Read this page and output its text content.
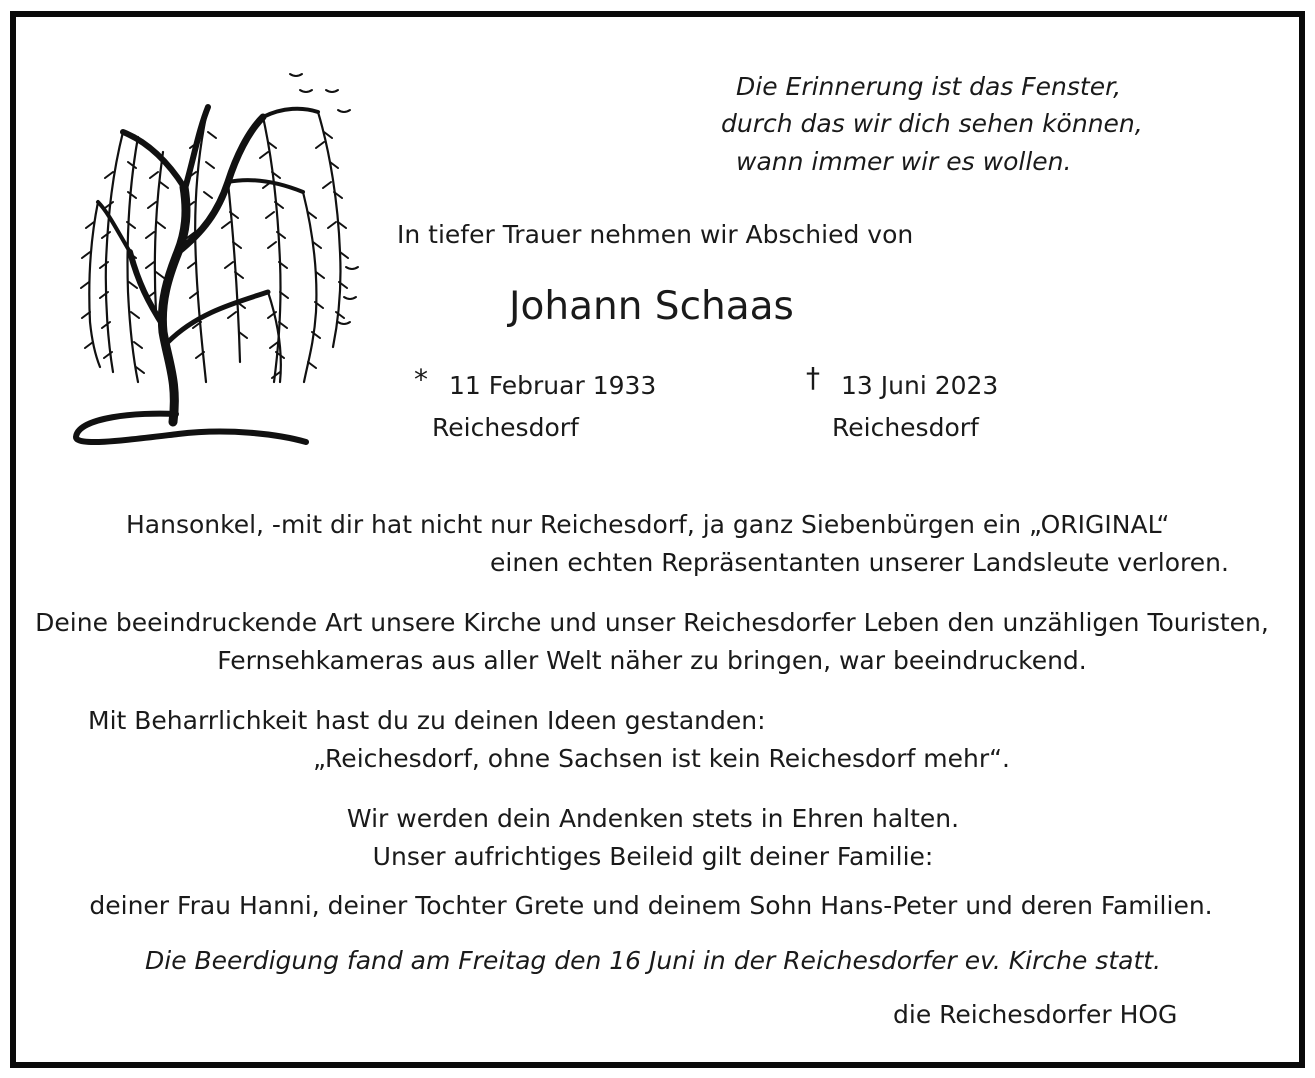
Die Erinnerung ist das Fenster,
durch das wir dich sehen können,
wann immer wir es wollen.
In tiefer Trauer nehmen wir Abschied von
Johann Schaas
* 11 Februar 1933
Reichesdorf
† 13 Juni 2023
Reichesdorf
Hansonkel, -mit dir hat nicht nur Reichesdorf, ja ganz Siebenbürgen ein „ORIGINAL“
einen echten Repräsentanten unserer Landsleute verloren.
Deine beeindruckende Art unsere Kirche und unser Reichesdorfer Leben den unzähligen Touristen,
Fernsehkameras aus aller Welt näher zu bringen, war beeindruckend.
Mit Beharrlichkeit hast du zu deinen Ideen gestanden:
„Reichesdorf, ohne Sachsen ist kein Reichesdorf mehr“.
Wir werden dein Andenken stets in Ehren halten.
Unser aufrichtiges Beileid gilt deiner Familie:
deiner Frau Hanni, deiner Tochter Grete und deinem Sohn Hans-Peter und deren Familien.
Die Beerdigung fand am Freitag den 16 Juni in der Reichesdorfer ev. Kirche statt.
die Reichesdorfer HOG
